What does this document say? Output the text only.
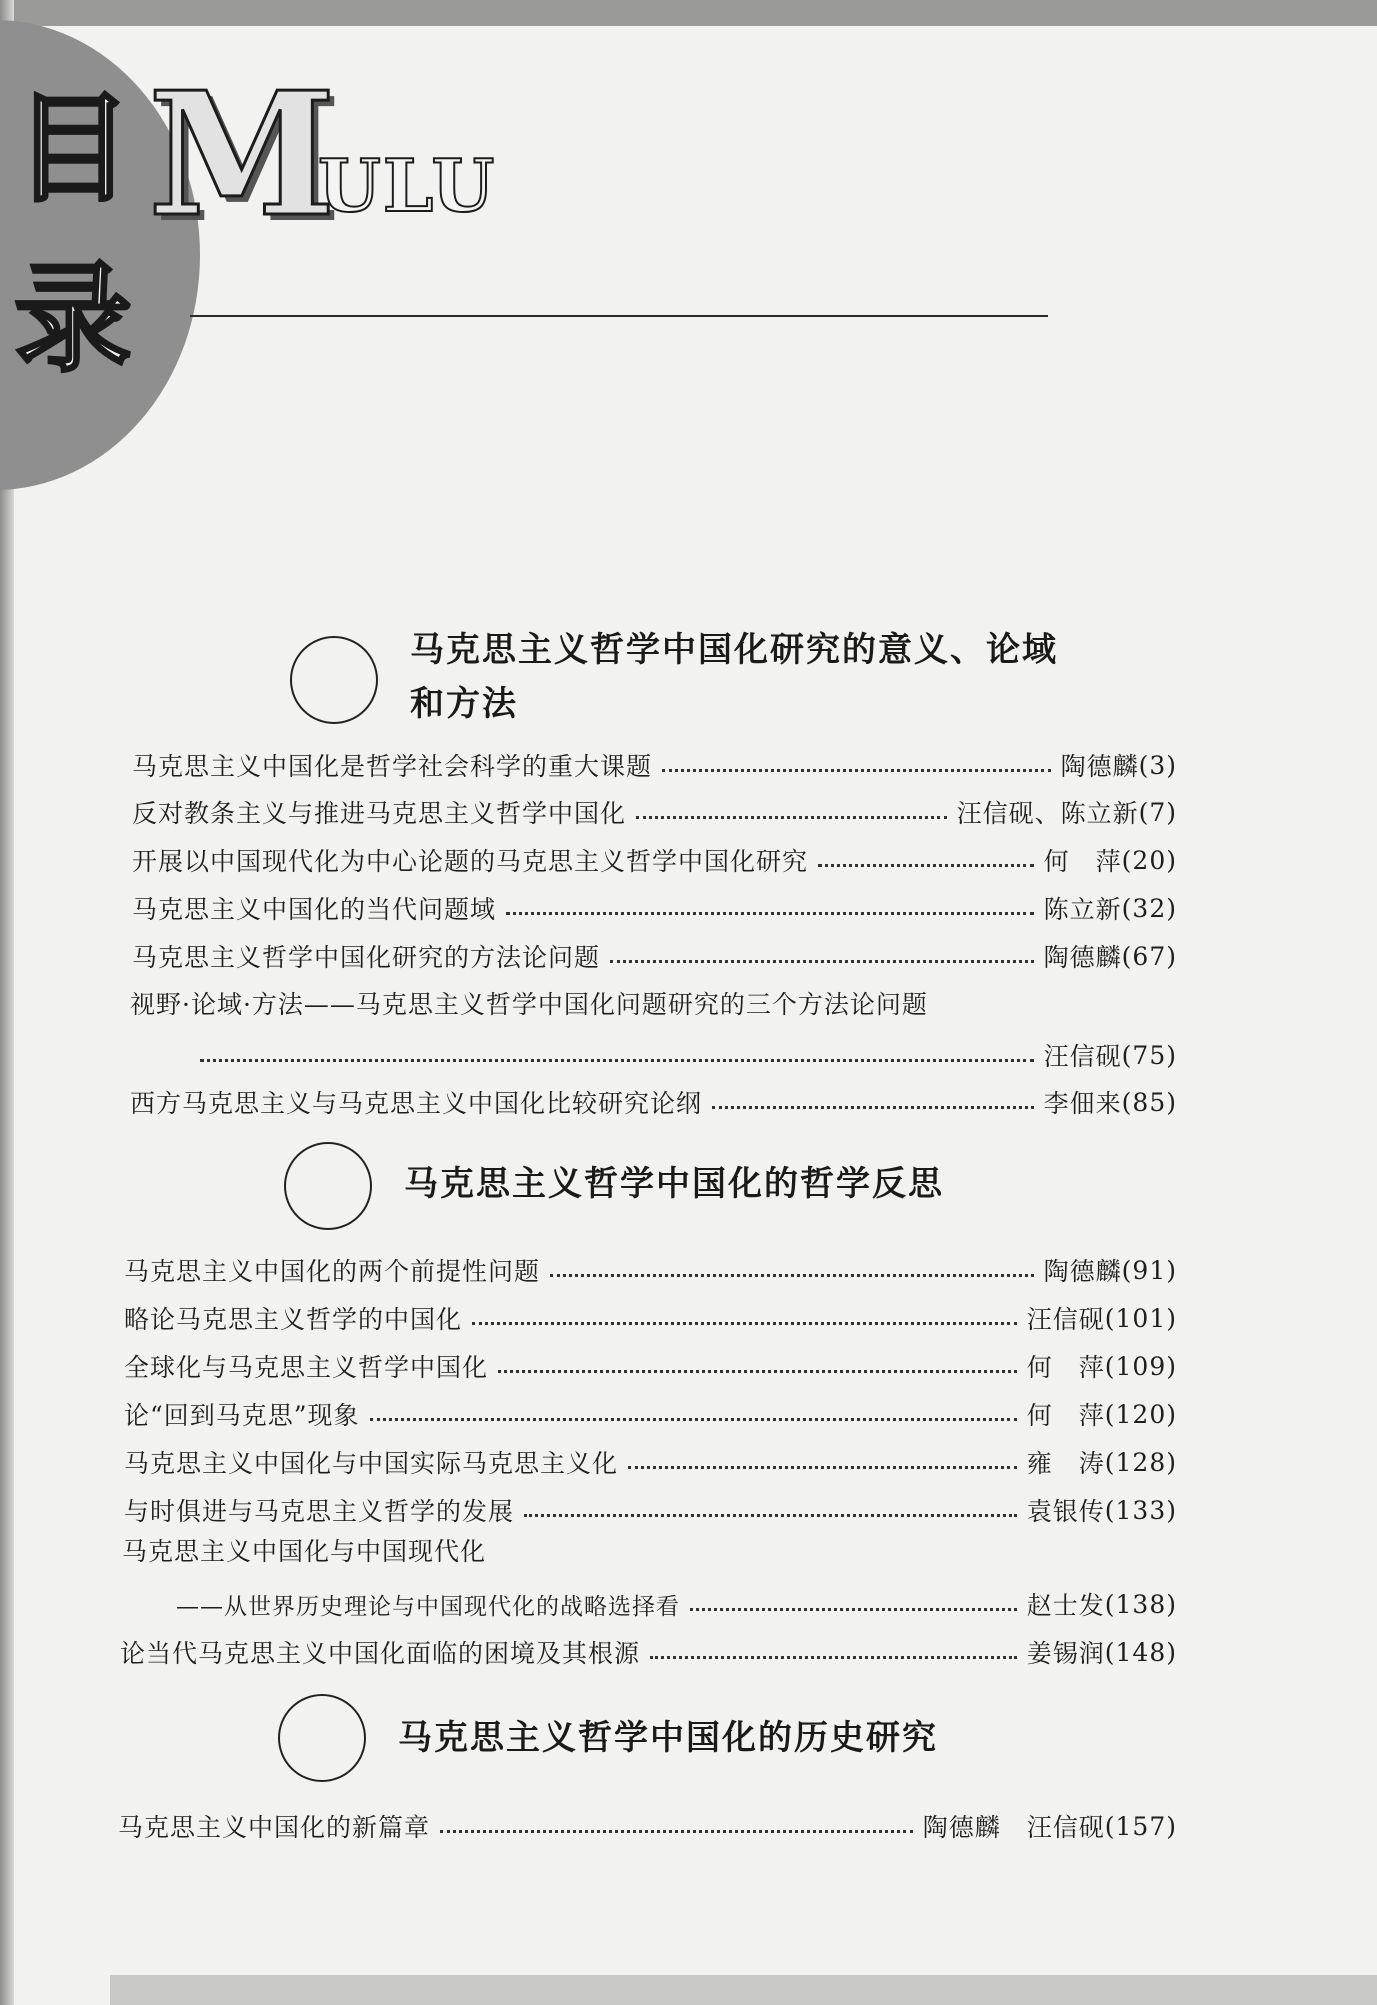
目
录
M
ULU
马克思主义哲学中国化研究的意义、论域
和方法
马克思主义中国化是哲学社会科学的重大课题	陶德麟 (3)
反对教条主义与推进马克思主义哲学中国化	汪信砚、陈立新 (7)
开展以中国现代化为中心论题的马克思主义哲学中国化研究	何　萍 (20)
马克思主义中国化的当代问题域	陈立新 (32)
马克思主义哲学中国化研究的方法论问题	陶德麟 (67)
视野·论域·方法——马克思主义哲学中国化问题研究的三个方法论问题
汪信砚 (75)
西方马克思主义与马克思主义中国化比较研究论纲	李佃来 (85)
马克思主义哲学中国化的哲学反思
马克思主义中国化的两个前提性问题	陶德麟 (91)
略论马克思主义哲学的中国化	汪信砚 (101)
全球化与马克思主义哲学中国化	何　萍 (109)
论“回到马克思”现象	何　萍 (120)
马克思主义中国化与中国实际马克思主义化	雍　涛 (128)
与时俱进与马克思主义哲学的发展	袁银传 (133)
马克思主义中国化与中国现代化
——从世界历史理论与中国现代化的战略选择看	赵士发 (138)
论当代马克思主义中国化面临的困境及其根源	姜锡润 (148)
马克思主义哲学中国化的历史研究
马克思主义中国化的新篇章	陶德麟　汪信砚 (157)
